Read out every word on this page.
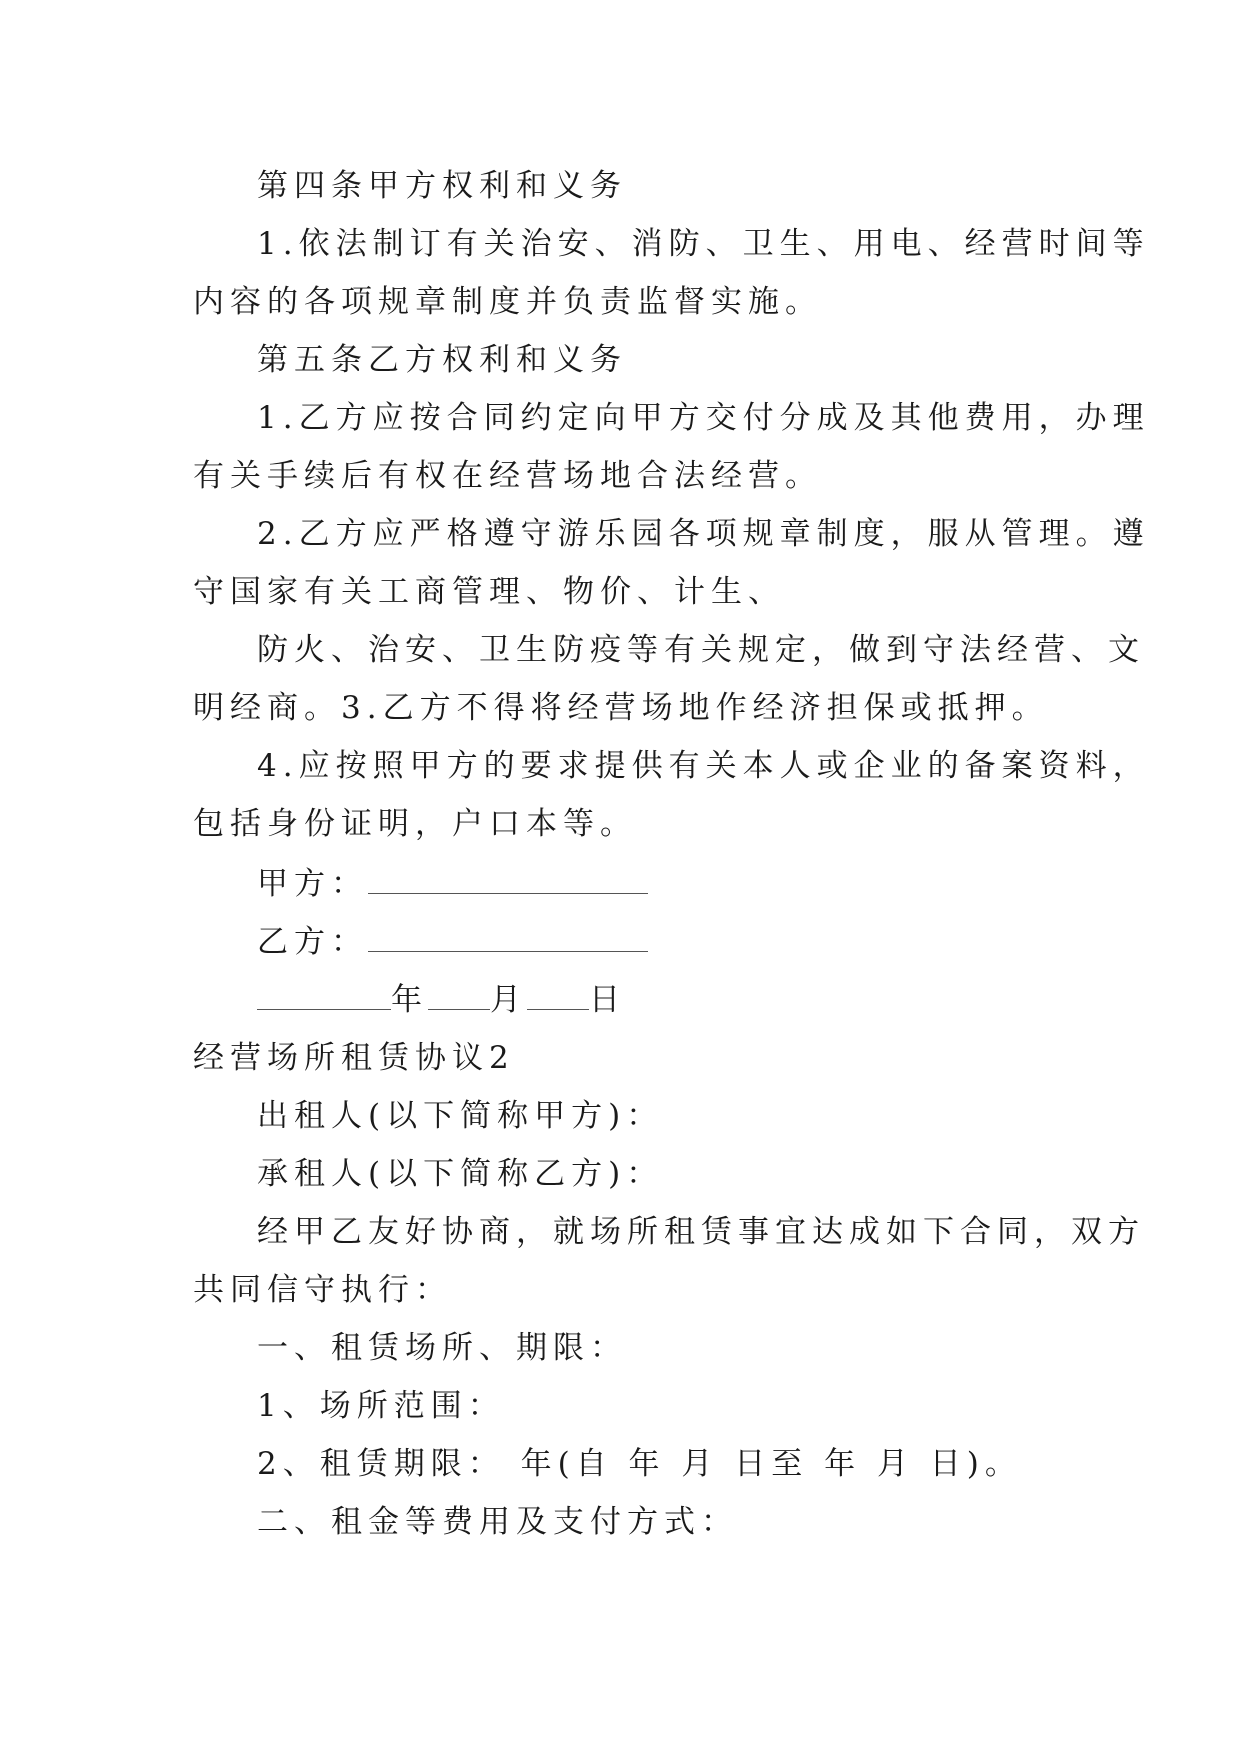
第四条甲方权利和义务
1.依法制订有关治安、消防、卫生、用电、经营时间等
内容的各项规章制度并负责监督实施。
第五条乙方权利和义务
1.乙方应按合同约定向甲方交付分成及其他费用，办理
有关手续后有权在经营场地合法经营。
2.乙方应严格遵守游乐园各项规章制度，服从管理。遵
守国家有关工商管理、物价、计生、
防火、治安、卫生防疫等有关规定，做到守法经营、文
明经商。3.乙方不得将经营场地作经济担保或抵押。
4.应按照甲方的要求提供有关本人或企业的备案资料，
包括身份证明，户口本等。
甲方：
乙方：
年 月 日
经营场所租赁协议2
出租人(以下简称甲方)：
承租人(以下简称乙方)：
经甲乙友好协商，就场所租赁事宜达成如下合同，双方
共同信守执行：
一、租赁场所、期限：
1、场所范围：
2、租赁期限： 年(自 年 月 日至 年 月 日)。
二、租金等费用及支付方式：
